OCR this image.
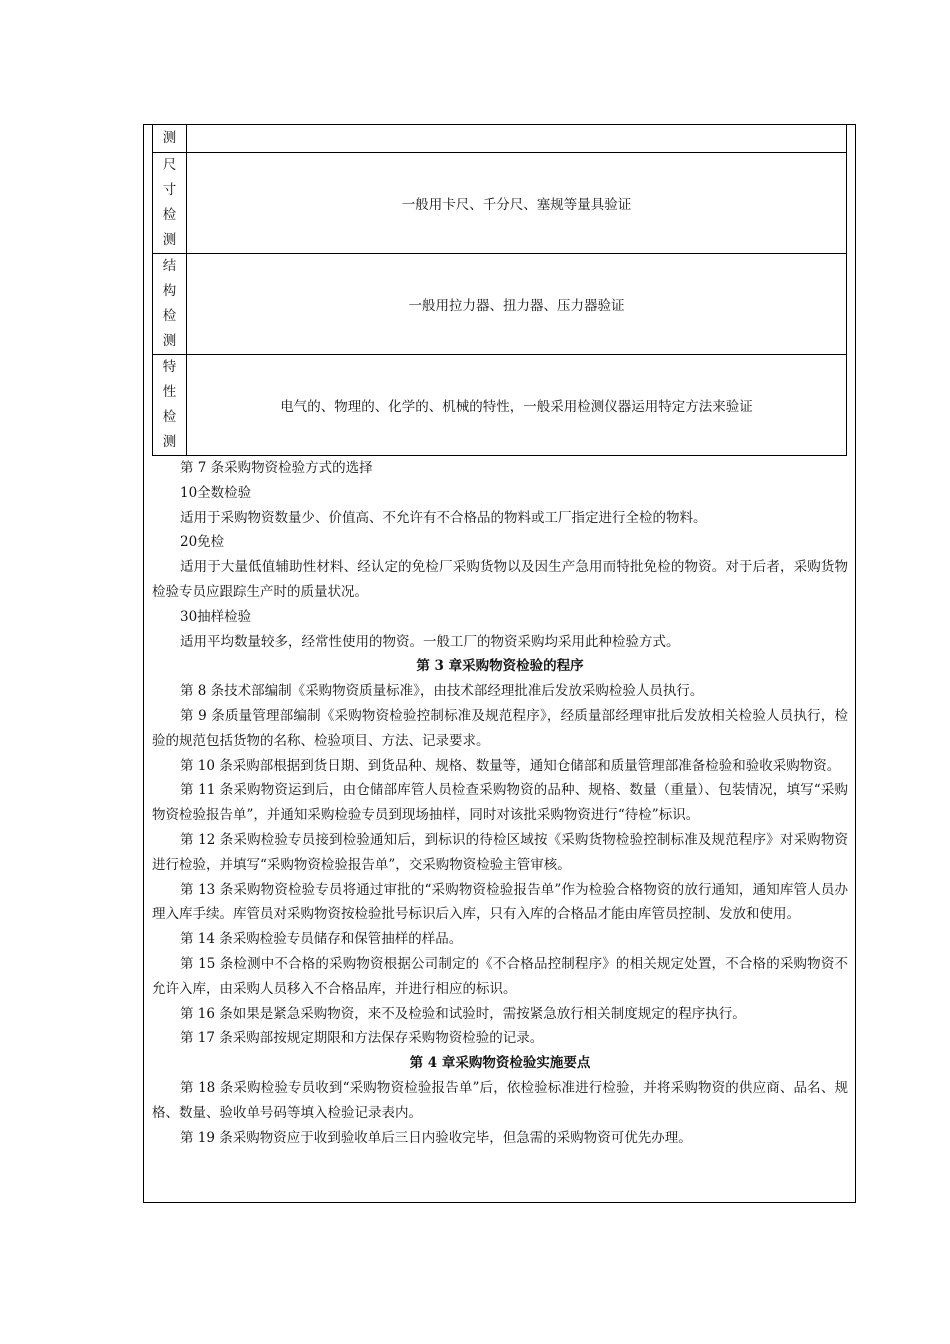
测	

尺
寸
检
测	一般用卡尺、千分尺、塞规等量具验证

结
构
检
测	一般用拉力器、扭力器、压力器验证

特
性
检
测	电气的、物理的、化学的、机械的特性，一般采用检测仪器运用特定方法来验证

第 7 条采购物资检验方式的选择

10全数检验

适用于采购物资数量少、价值高、不允许有不合格品的物料或工厂指定进行全检的物料。

20免检

适用于大量低值辅助性材料、经认定的免检厂采购货物以及因生产急用而特批免检的物资。对于后者，采购货物检验专员应跟踪生产时的质量状况。

30抽样检验

适用平均数量较多，经常性使用的物资。一般工厂的物资采购均采用此种检验方式。

第 3 章采购物资检验的程序

第 8 条技术部编制《采购物资质量标准》，由技术部经理批准后发放采购检验人员执行。

第 9 条质量管理部编制《采购物资检验控制标准及规范程序》，经质量部经理审批后发放相关检验人员执行，检验的规范包括货物的名称、检验项目、方法、记录要求。

第 10 条采购部根据到货日期、到货品种、规格、数量等，通知仓储部和质量管理部准备检验和验收采购物资。

第 11 条采购物资运到后，由仓储部库管人员检查采购物资的品种、规格、数量（重量）、包装情况，填写“采购物资检验报告单”，并通知采购检验专员到现场抽样，同时对该批采购物资进行“待检”标识。

第 12 条采购检验专员接到检验通知后，到标识的待检区域按《采购货物检验控制标准及规范程序》对采购物资进行检验，并填写“采购物资检验报告单”，交采购物资检验主管审核。

第 13 条采购物资检验专员将通过审批的“采购物资检验报告单”作为检验合格物资的放行通知，通知库管人员办理入库手续。库管员对采购物资按检验批号标识后入库，只有入库的合格品才能由库管员控制、发放和使用。

第 14 条采购检验专员储存和保管抽样的样品。

第 15 条检测中不合格的采购物资根据公司制定的《不合格品控制程序》的相关规定处置，不合格的采购物资不允许入库，由采购人员移入不合格品库，并进行相应的标识。

第 16 条如果是紧急采购物资，来不及检验和试验时，需按紧急放行相关制度规定的程序执行。

第 17 条采购部按规定期限和方法保存采购物资检验的记录。

第 4 章采购物资检验实施要点

第 18 条采购检验专员收到“采购物资检验报告单”后，依检验标准进行检验，并将采购物资的供应商、品名、规格、数量、验收单号码等填入检验记录表内。

第 19 条采购物资应于收到验收单后三日内验收完毕，但急需的采购物资可优先办理。
